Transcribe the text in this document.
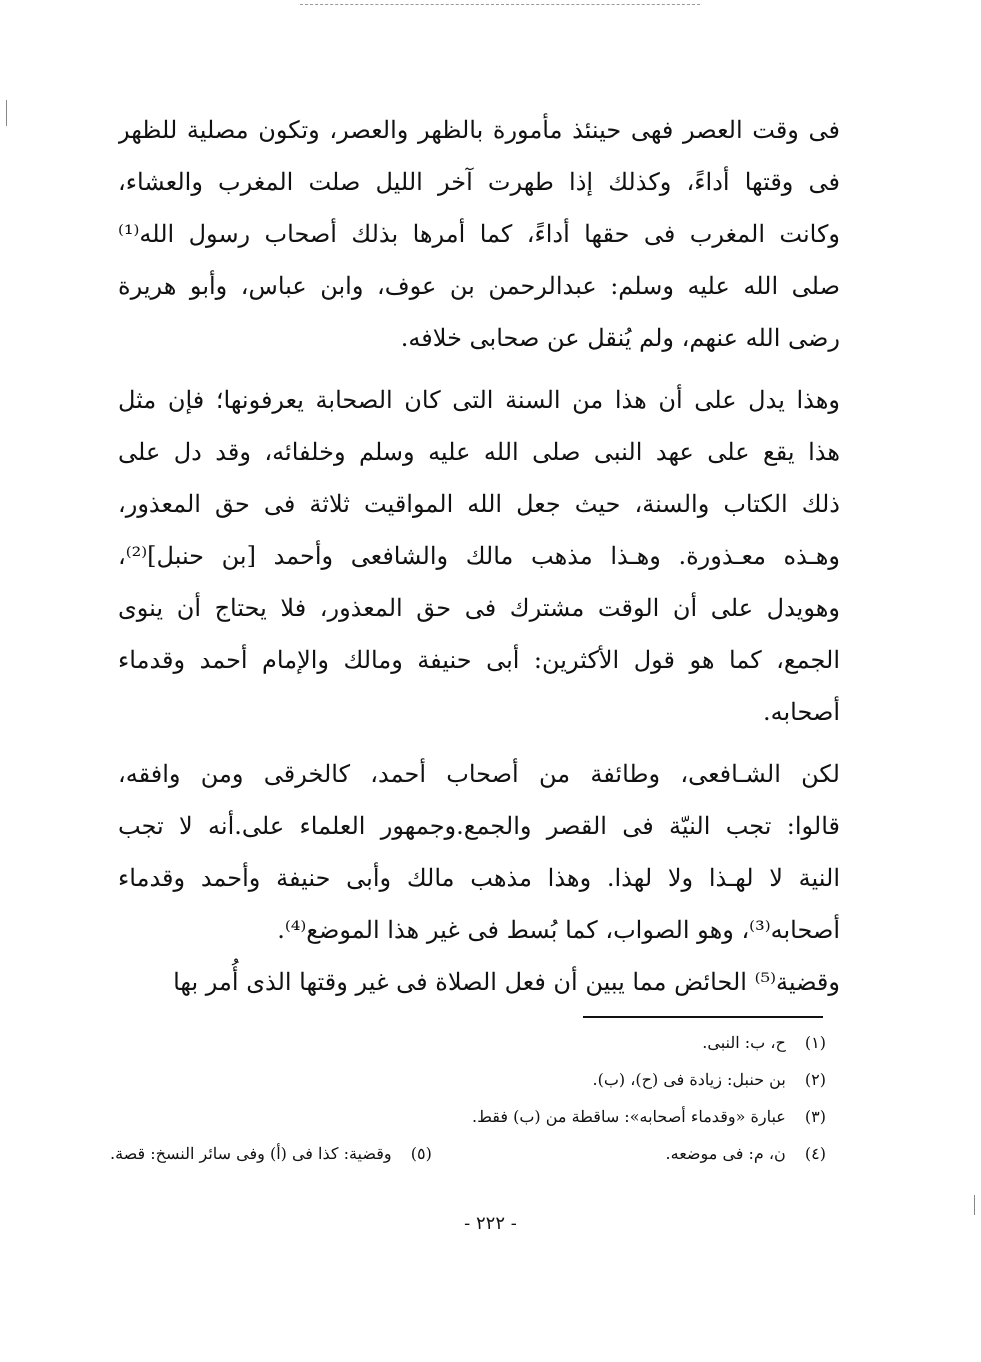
فى وقت العصر فهى حينئذ مأمورة بالظهر والعصر، وتكون مصلية للظهر
فى وقتها أداءً، وكذلك إذا طهرت آخر الليل صلت المغرب والعشاء،
وكانت المغرب فى حقها أداءً، كما أمرها بذلك أصحاب رسول الله⁽¹⁾
صلى الله عليه وسلم: عبدالرحمن بن عوف، وابن عباس، وأبو هريرة
رضى الله عنهم، ولم يُنقل عن صحابى خلافه.

وهذا يدل على أن هذا من السنة التى كان الصحابة يعرفونها؛ فإن مثل
هذا يقع على عهد النبى صلى الله عليه وسلم وخلفائه، وقد دل على
ذلك الكتاب والسنة، حيث جعل الله المواقيت ثلاثة فى حق المعذور،
وهـذه معـذورة. وهـذا مذهب مالك والشافعى وأحمد [بن حنبل]⁽²⁾،
وهويدل على أن الوقت مشترك فى حق المعذور، فلا يحتاج أن ينوى
الجمع، كما هو قول الأكثرين: أبى حنيفة ومالك والإمام أحمد وقدماء
أصحابه.

لكن الشـافعى، وطائفة من أصحاب أحمد، كالخرقى ومن وافقه،
قالوا: تجب النيّة فى القصر والجمع.وجمهور العلماء على.أنه لا تجب
النية لا لهـذا ولا لهذا. وهذا مذهب مالك وأبى حنيفة وأحمد وقدماء
أصحابه⁽³⁾، وهو الصواب، كما بُسط فى غير هذا الموضع⁽⁴⁾.

وقضية⁽⁵⁾ الحائض مما يبين أن فعل الصلاة فى غير وقتها الذى أُمر بها

(١) ح، ب: النبى.
(٢) بن حنبل: زيادة فى (ح)، (ب).
(٣) عبارة «وقدماء أصحابه»: ساقطة من (ب) فقط.
(٤) ن، م: فى موضعه.
(٥) وقضية: كذا فى (أ) وفى سائر النسخ: قصة.
- ٢٢٢ -
